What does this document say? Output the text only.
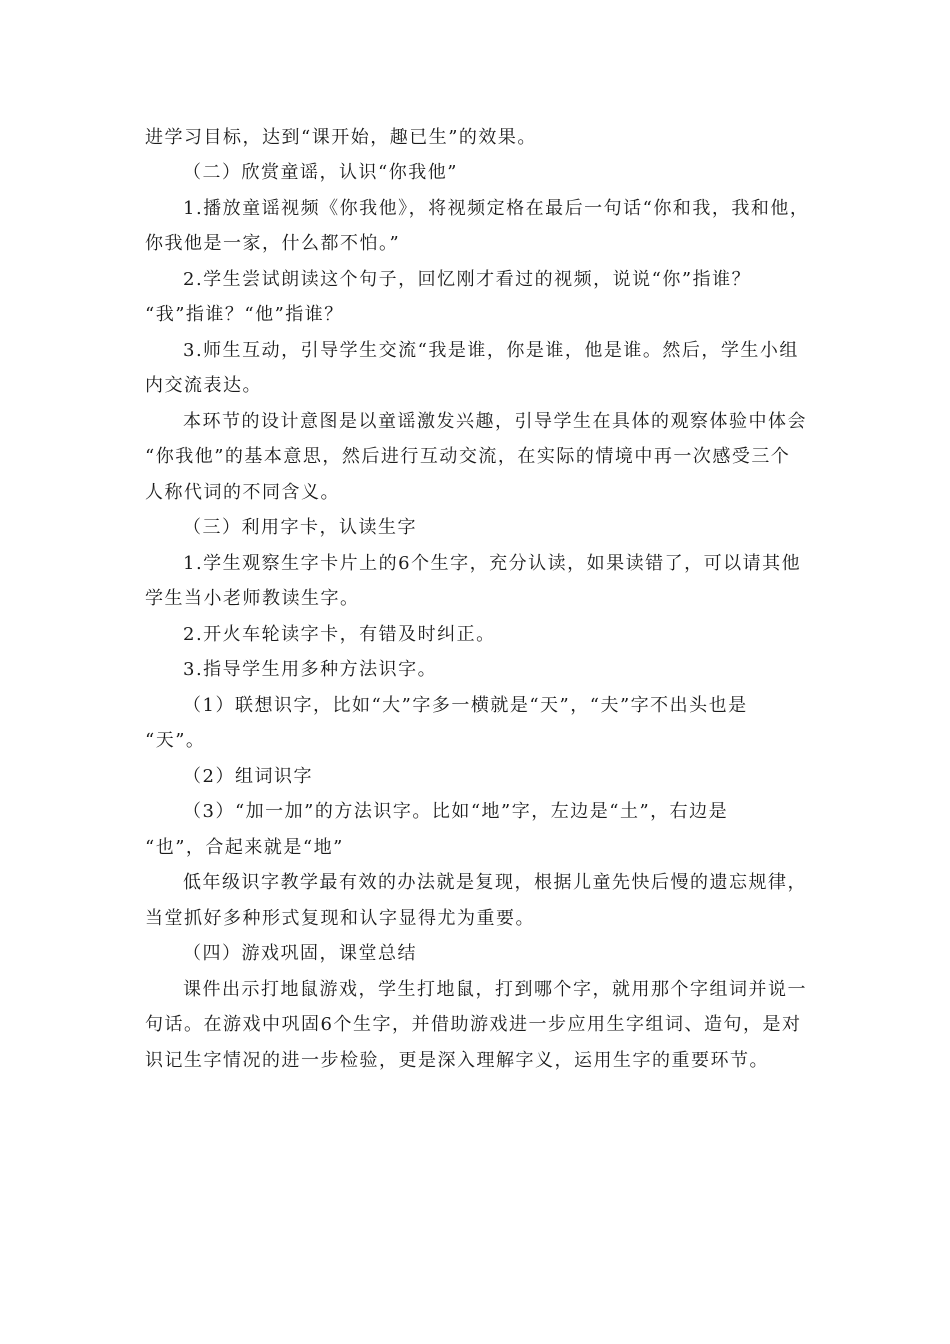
进学习目标，达到“课开始，趣已生”的效果。
（二）欣赏童谣，认识“你我他”
1.播放童谣视频《你我他》，将视频定格在最后一句话“你和我，我和他，
你我他是一家，什么都不怕。”
2.学生尝试朗读这个句子，回忆刚才看过的视频，说说“你”指谁？
“我”指谁？“他”指谁？
3.师生互动，引导学生交流“我是谁，你是谁，他是谁。然后，学生小组
内交流表达。
本环节的设计意图是以童谣激发兴趣，引导学生在具体的观察体验中体会
“你我他”的基本意思，然后进行互动交流，在实际的情境中再一次感受三个
人称代词的不同含义。
（三）利用字卡，认读生字
1.学生观察生字卡片上的6个生字，充分认读，如果读错了，可以请其他
学生当小老师教读生字。
2.开火车轮读字卡，有错及时纠正。
3.指导学生用多种方法识字。
（1）联想识字，比如“大”字多一横就是“天”，“夫”字不出头也是
“天”。
（2）组词识字
（3）“加一加”的方法识字。比如“地”字，左边是“土”，右边是
“也”，合起来就是“地”
低年级识字教学最有效的办法就是复现，根据儿童先快后慢的遗忘规律，
当堂抓好多种形式复现和认字显得尤为重要。
（四）游戏巩固，课堂总结
课件出示打地鼠游戏，学生打地鼠，打到哪个字，就用那个字组词并说一
句话。在游戏中巩固6个生字，并借助游戏进一步应用生字组词、造句，是对
识记生字情况的进一步检验，更是深入理解字义，运用生字的重要环节。
